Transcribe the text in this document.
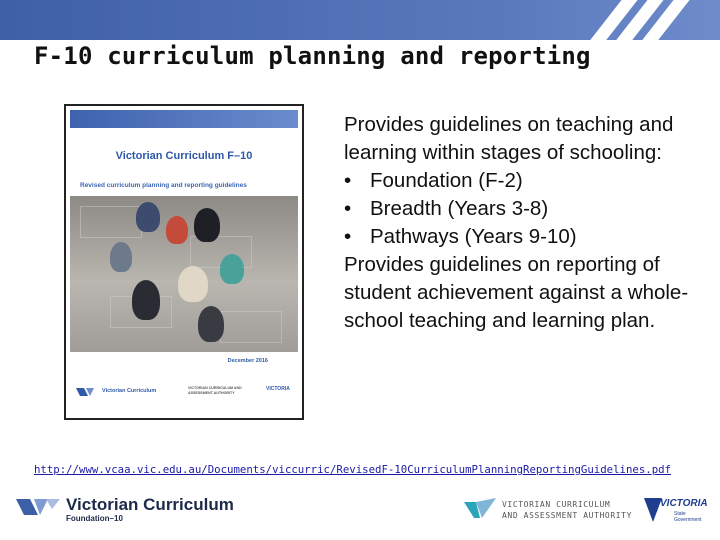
F-10 curriculum planning and reporting
Victorian Curriculum F–10
Revised curriculum planning and reporting guidelines
December 2016
Victorian Curriculum	VICTORIAN CURRICULUM AND ASSESSMENT AUTHORITY
VICTORIA

Provides guidelines on teaching and learning within stages of schooling:

• Foundation (F-2)
• Breadth (Years 3-8)
• Pathways (Years 9-10)

Provides guidelines on reporting of student achievement against a whole-school teaching and learning plan.

http://www.vcaa.vic.edu.au/Documents/viccurric/RevisedF-10CurriculumPlanningReportingGuidelines.pdf
Victorian Curriculum
Foundation–10
VICTORIAN CURRICULUM
AND ASSESSMENT AUTHORITY
VICTORIA
State
Government
